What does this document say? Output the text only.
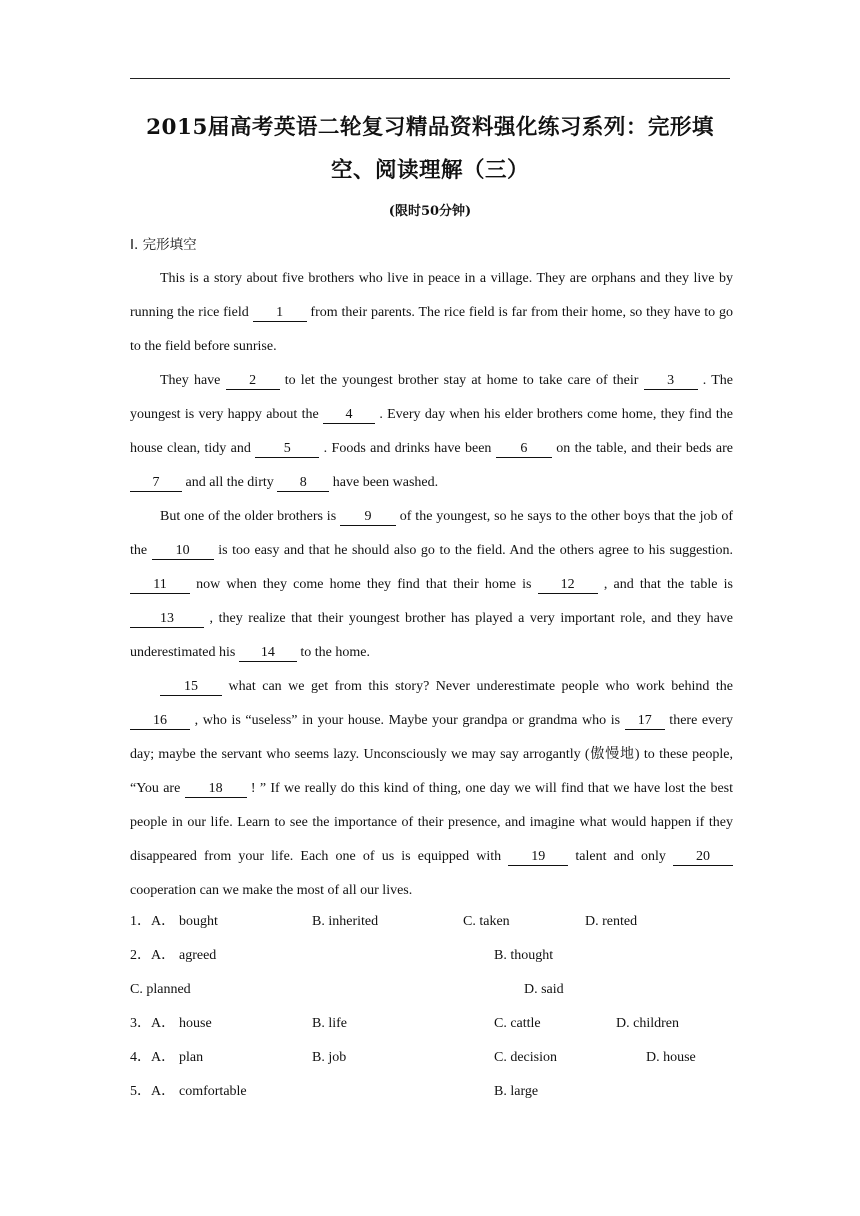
2015届高考英语二轮复习精品资料强化练习系列：完形填
空、阅读理解（三）
(限时50分钟)
Ⅰ. 完形填空

This is a story about five brothers who live in peace in a village. They are orphans and they live by running the rice field 1 from their parents. The rice field is far from their home, so they have to go to the field before sunrise.

They have 2 to let the youngest brother stay at home to take care of their 3 . The youngest is very happy about the 4 . Every day when his elder brothers come home, they find the house clean, tidy and 5 . Foods and drinks have been 6 on the table, and their beds are 7 and all the dirty 8 have been washed.

But one of the older brothers is 9 of the youngest, so he says to the other boys that the job of the 10 is too easy and that he should also go to the field. And the others agree to his suggestion. 11 now when they come home they find that their home is 12 , and that the table is 13 , they realize that their youngest brother has played a very important role, and they have underestimated his 14 to the home.

15 what can we get from this story? Never underestimate people who work behind the 16 , who is “useless” in your house. Maybe your grandpa or grandma who is 17 there every day; maybe the servant who seems lazy. Unconsciously we may say arrogantly (傲慢地) to these people, “You are 18 ! ” If we really do this kind of thing, one day we will find that we have lost the best people in our life. Learn to see the importance of their presence, and imagine what would happen if they disappeared from your life. Each one of us is equipped with 19 talent and only 20 cooperation can we make the most of all our lives.

1．A． bought	B. inherited	C. taken	D. rented
2．A． agreed	B. thought
C. planned	D. said
3．A． house	B. life	C. cattle	D. children
4．A． plan	B. job	C. decision	D. house
5．A． comfortable	B. large
